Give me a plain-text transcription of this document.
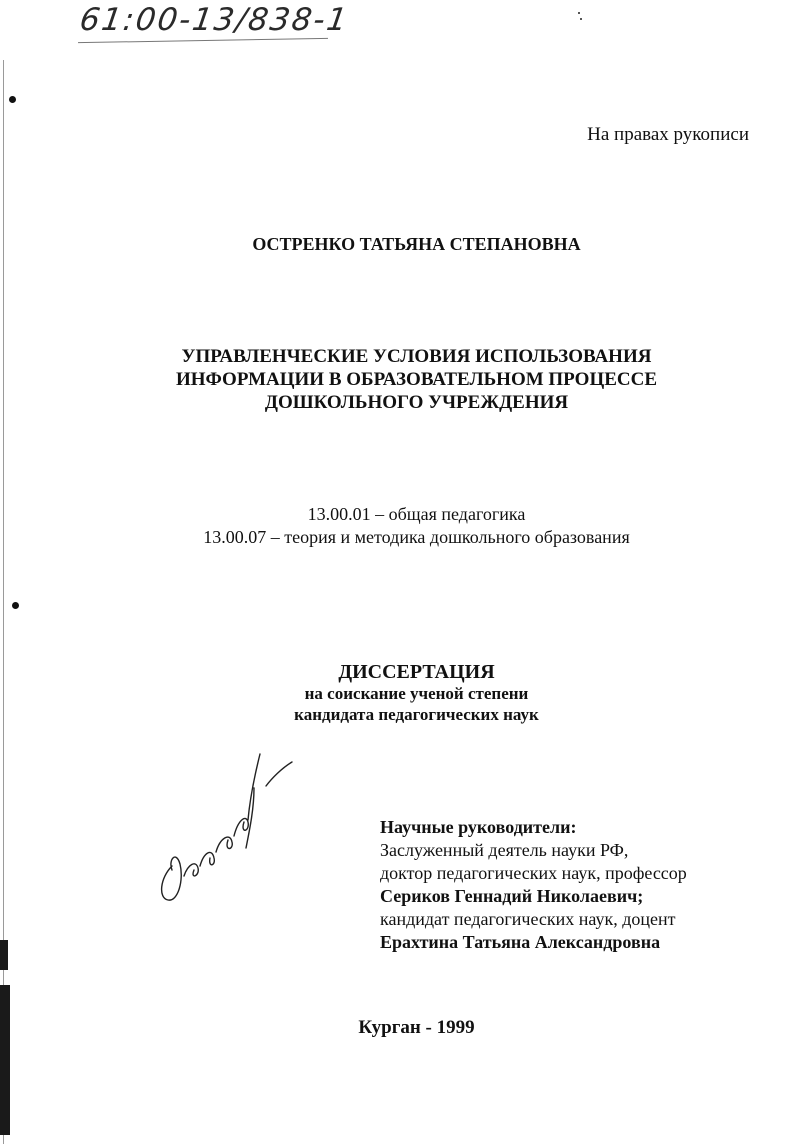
61:00-13/838-1
На правах рукописи
ОСТРЕНКО ТАТЬЯНА СТЕПАНОВНА
УПРАВЛЕНЧЕСКИЕ УСЛОВИЯ ИСПОЛЬЗОВАНИЯ
ИНФОРМАЦИИ В ОБРАЗОВАТЕЛЬНОМ ПРОЦЕССЕ
ДОШКОЛЬНОГО УЧРЕЖДЕНИЯ
13.00.01 – общая педагогика
13.00.07 – теория и методика дошкольного образования
ДИССЕРТАЦИЯ
на соискание ученой степени
кандидата педагогических наук
Научные руководители:
Заслуженный деятель науки РФ,
доктор педагогических наук, профессор
Сериков Геннадий Николаевич;
кандидат педагогических наук, доцент
Ерахтина Татьяна Александровна
Курган - 1999
